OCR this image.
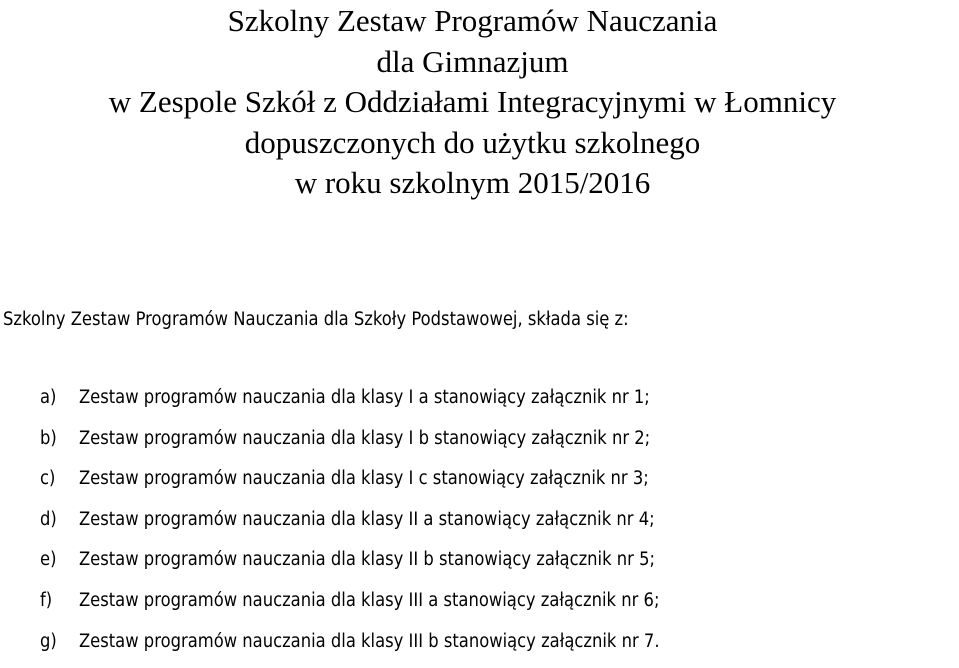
Szkolny Zestaw Programów Nauczania
dla Gimnazjum
w Zespole Szkół z Oddziałami Integracyjnymi w Łomnicy
dopuszczonych do użytku szkolnego
w roku szkolnym 2015/2016
Szkolny Zestaw Programów Nauczania dla Szkoły Podstawowej, składa się z:
a) Zestaw programów nauczania dla klasy I a stanowiący załącznik nr 1;
b) Zestaw programów nauczania dla klasy I b stanowiący załącznik nr 2;
c) Zestaw programów nauczania dla klasy I c stanowiący załącznik nr 3;
d) Zestaw programów nauczania dla klasy II a stanowiący załącznik nr 4;
e) Zestaw programów nauczania dla klasy II b stanowiący załącznik nr 5;
f) Zestaw programów nauczania dla klasy III a stanowiący załącznik nr 6;
g) Zestaw programów nauczania dla klasy III b stanowiący załącznik nr 7.
